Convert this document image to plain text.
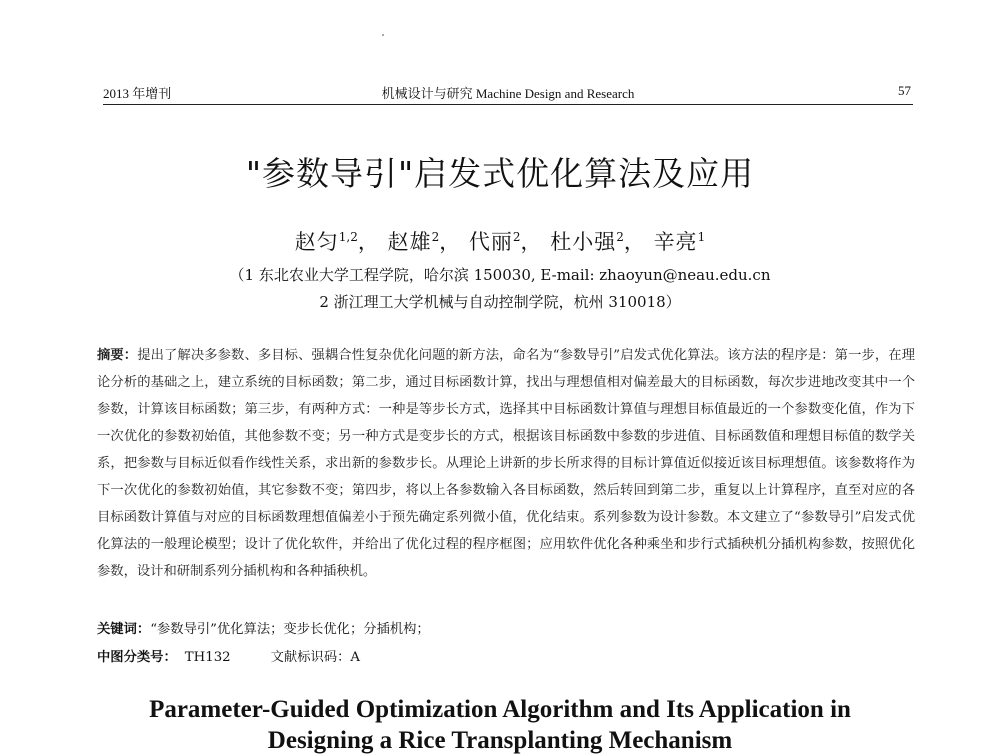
2013 年增刊	机械设计与研究 Machine Design and Research	57
"参数导引"启发式优化算法及应用
赵匀$^{1,2}$， 赵雄$^2$， 代丽$^2$， 杜小强$^2$， 辛亮$^1$
（1 东北农业大学工程学院，哈尔滨 150030, E-mail: zhaoyun@neau.edu.cn
2 浙江理工大学机械与自动控制学院，杭州 310018）
摘要：提出了解决多参数、多目标、强耦合性复杂优化问题的新方法，命名为“参数导引”启发式优化算法。该方法的程序是：第一步，在理论分析的基础之上，建立系统的目标函数；第二步，通过目标函数计算，找出与理想值相对偏差最大的目标函数，每次步进地改变其中一个参数，计算该目标函数；第三步，有两种方式：一种是等步长方式，选择其中目标函数计算值与理想目标值最近的一个参数变化值，作为下一次优化的参数初始值，其他参数不变；另一种方式是变步长的方式，根据该目标函数中参数的步进值、目标函数值和理想目标值的数学关系，把参数与目标近似看作线性关系，求出新的参数步长。从理论上讲新的步长所求得的目标计算值近似接近该目标理想值。该参数将作为下一次优化的参数初始值，其它参数不变；第四步，将以上各参数输入各目标函数，然后转回到第二步，重复以上计算程序，直至对应的各目标函数计算值与对应的目标函数理想值偏差小于预先确定系列微小值，优化结束。系列参数为设计参数。本文建立了“参数导引”启发式优化算法的一般理论模型；设计了优化软件，并给出了优化过程的程序框图；应用软件优化各种乘坐和步行式插秧机分插机构参数，按照优化参数，设计和研制系列分插机构和各种插秧机。
关键词：“参数导引”优化算法；变步长优化；分插机构；
中图分类号： TH132	文献标识码：A
Parameter-Guided Optimization Algorithm and Its Application in
Designing a Rice Transplanting Mechanism
